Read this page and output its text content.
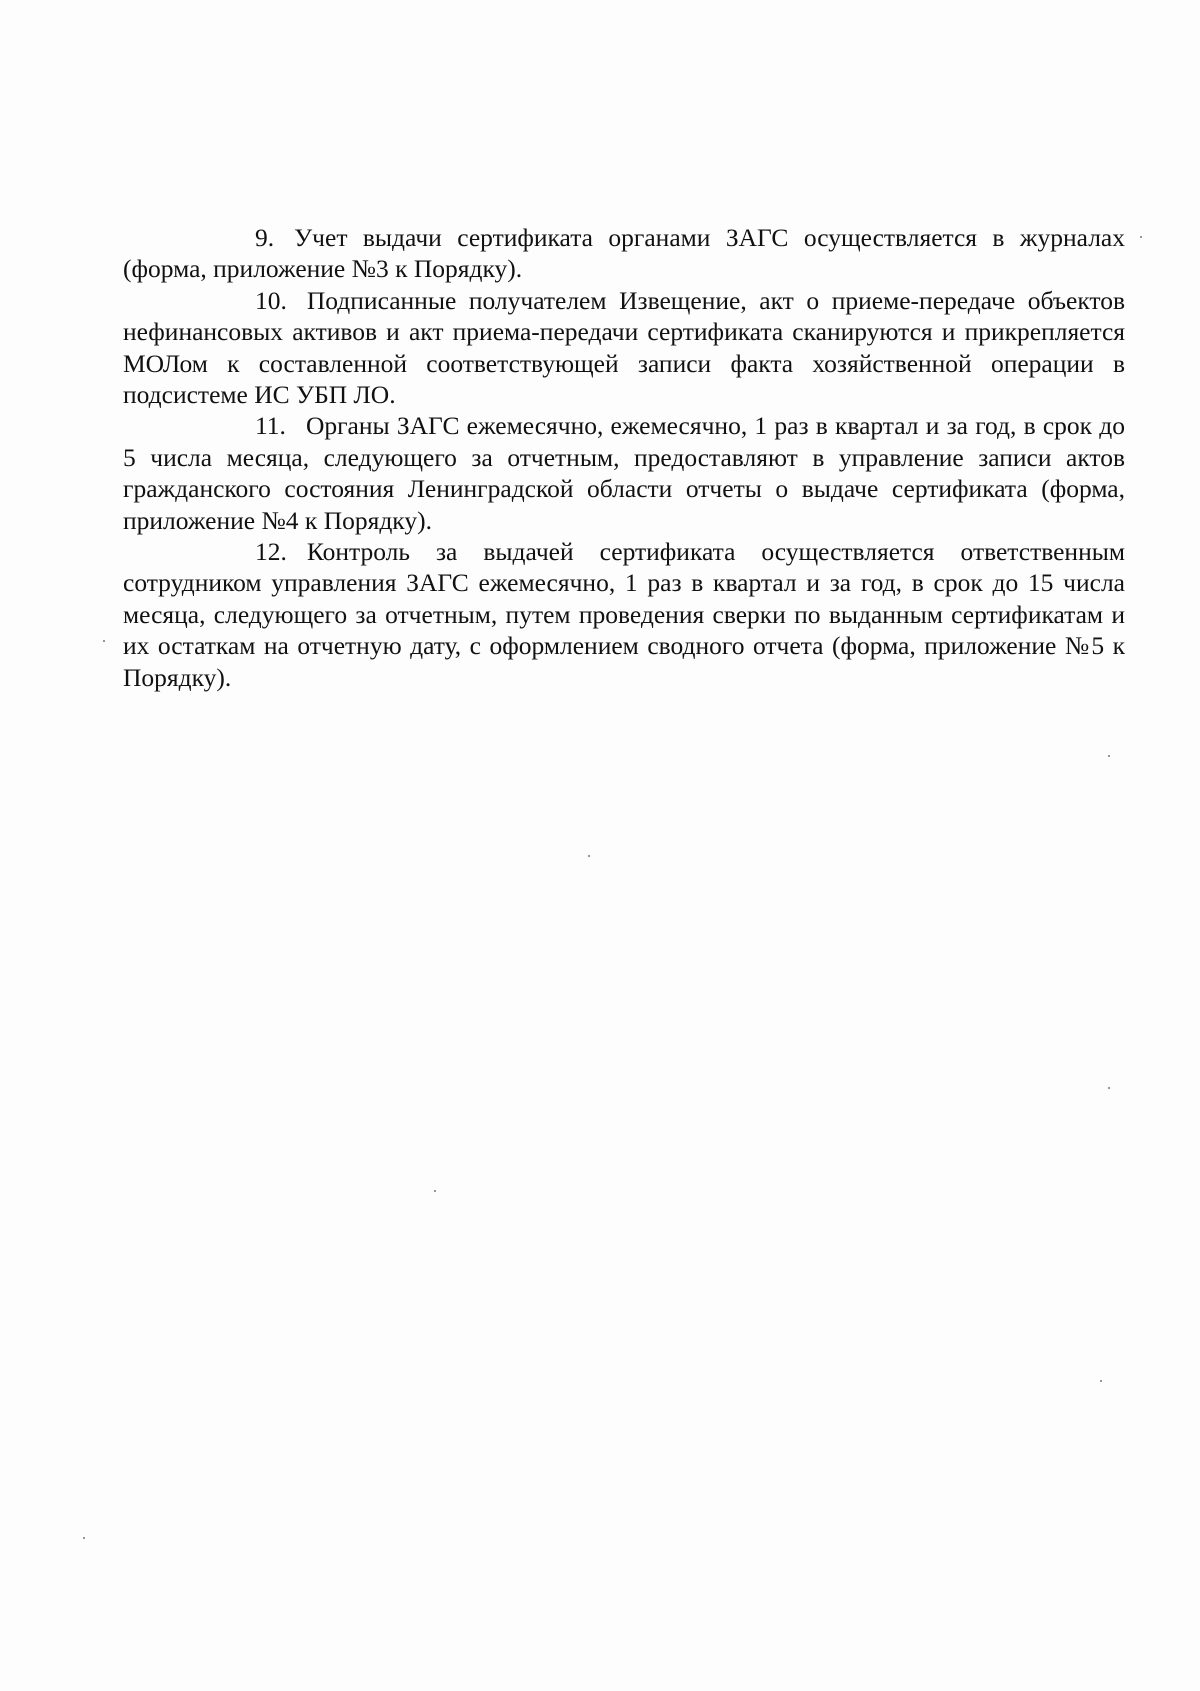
9. Учет выдачи сертификата органами ЗАГС осуществляется в журналах (форма, приложение №3 к Порядку).

10. Подписанные получателем Извещение, акт о приеме-передаче объектов нефинансовых активов и акт приема-передачи сертификата сканируются и прикрепляется МОЛом к составленной соответствующей записи факта хозяйственной операции в подсистеме ИС УБП ЛО.

11. Органы ЗАГС ежемесячно, ежемесячно, 1 раз в квартал и за год, в срок до 5 числа месяца, следующего за отчетным, предоставляют в управление записи актов гражданского состояния Ленинградской области отчеты о выдаче сертификата (форма, приложение №4 к Порядку).

12. Контроль за выдачей сертификата осуществляется ответственным сотрудником управления ЗАГС ежемесячно, 1 раз в квартал и за год, в срок до 15 числа месяца, следующего за отчетным, путем проведения сверки по выданным сертификатам и их остаткам на отчетную дату, с оформлением сводного отчета (форма, приложение №5 к Порядку).
